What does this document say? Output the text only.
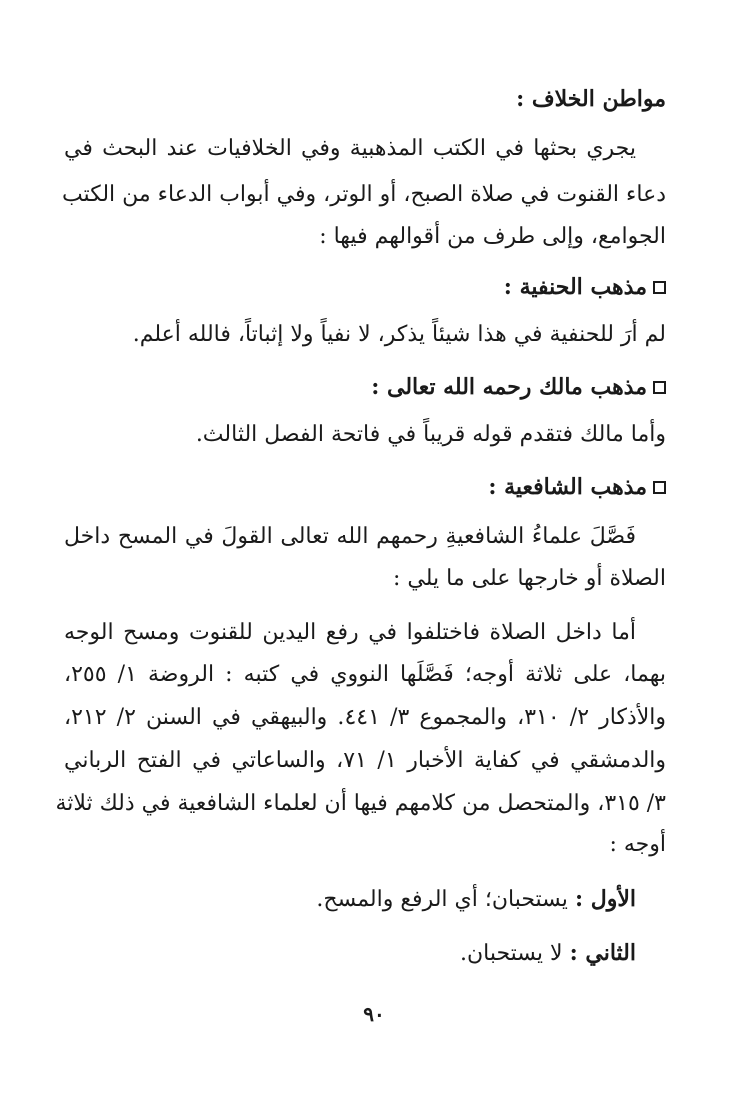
مواطن الخلاف :
يجري بحثها في الكتب المذهبية وفي الخلافيات عند البحث في
دعاء القنوت في صلاة الصبح، أو الوتر، وفي أبواب الدعاء من الكتب
الجوامع، وإلى طرف من أقوالهم فيها :
مذهب الحنفية :
لم أرَ للحنفية في هذا شيئاً يذكر، لا نفياً ولا إثباتاً، فالله أعلم.
مذهب مالك رحمه الله تعالى :
وأما مالك فتقدم قوله قريباً في فاتحة الفصل الثالث.
مذهب الشافعية :
فَصَّلَ علماءُ الشافعيةِ رحمهم الله تعالى القولَ في المسح داخل
الصلاة أو خارجها على ما يلي :
أما داخل الصلاة فاختلفوا في رفع اليدين للقنوت ومسح الوجه
بهما، على ثلاثة أوجه؛ فَصَّلَها النووي في كتبه : الروضة ١/ ٢٥٥،
والأذكار ٢/ ٣١٠، والمجموع ٣/ ٤٤١. والبيهقي في السنن ٢/ ٢١٢،
والدمشقي في كفاية الأخبار ١/ ٧١، والساعاتي في الفتح الرباني
٣/ ٣١٥، والمتحصل من كلامهم فيها أن لعلماء الشافعية في ذلك ثلاثة
أوجه :
الأول : يستحبان؛ أي الرفع والمسح.
الثاني : لا يستحبان.
٩٠
